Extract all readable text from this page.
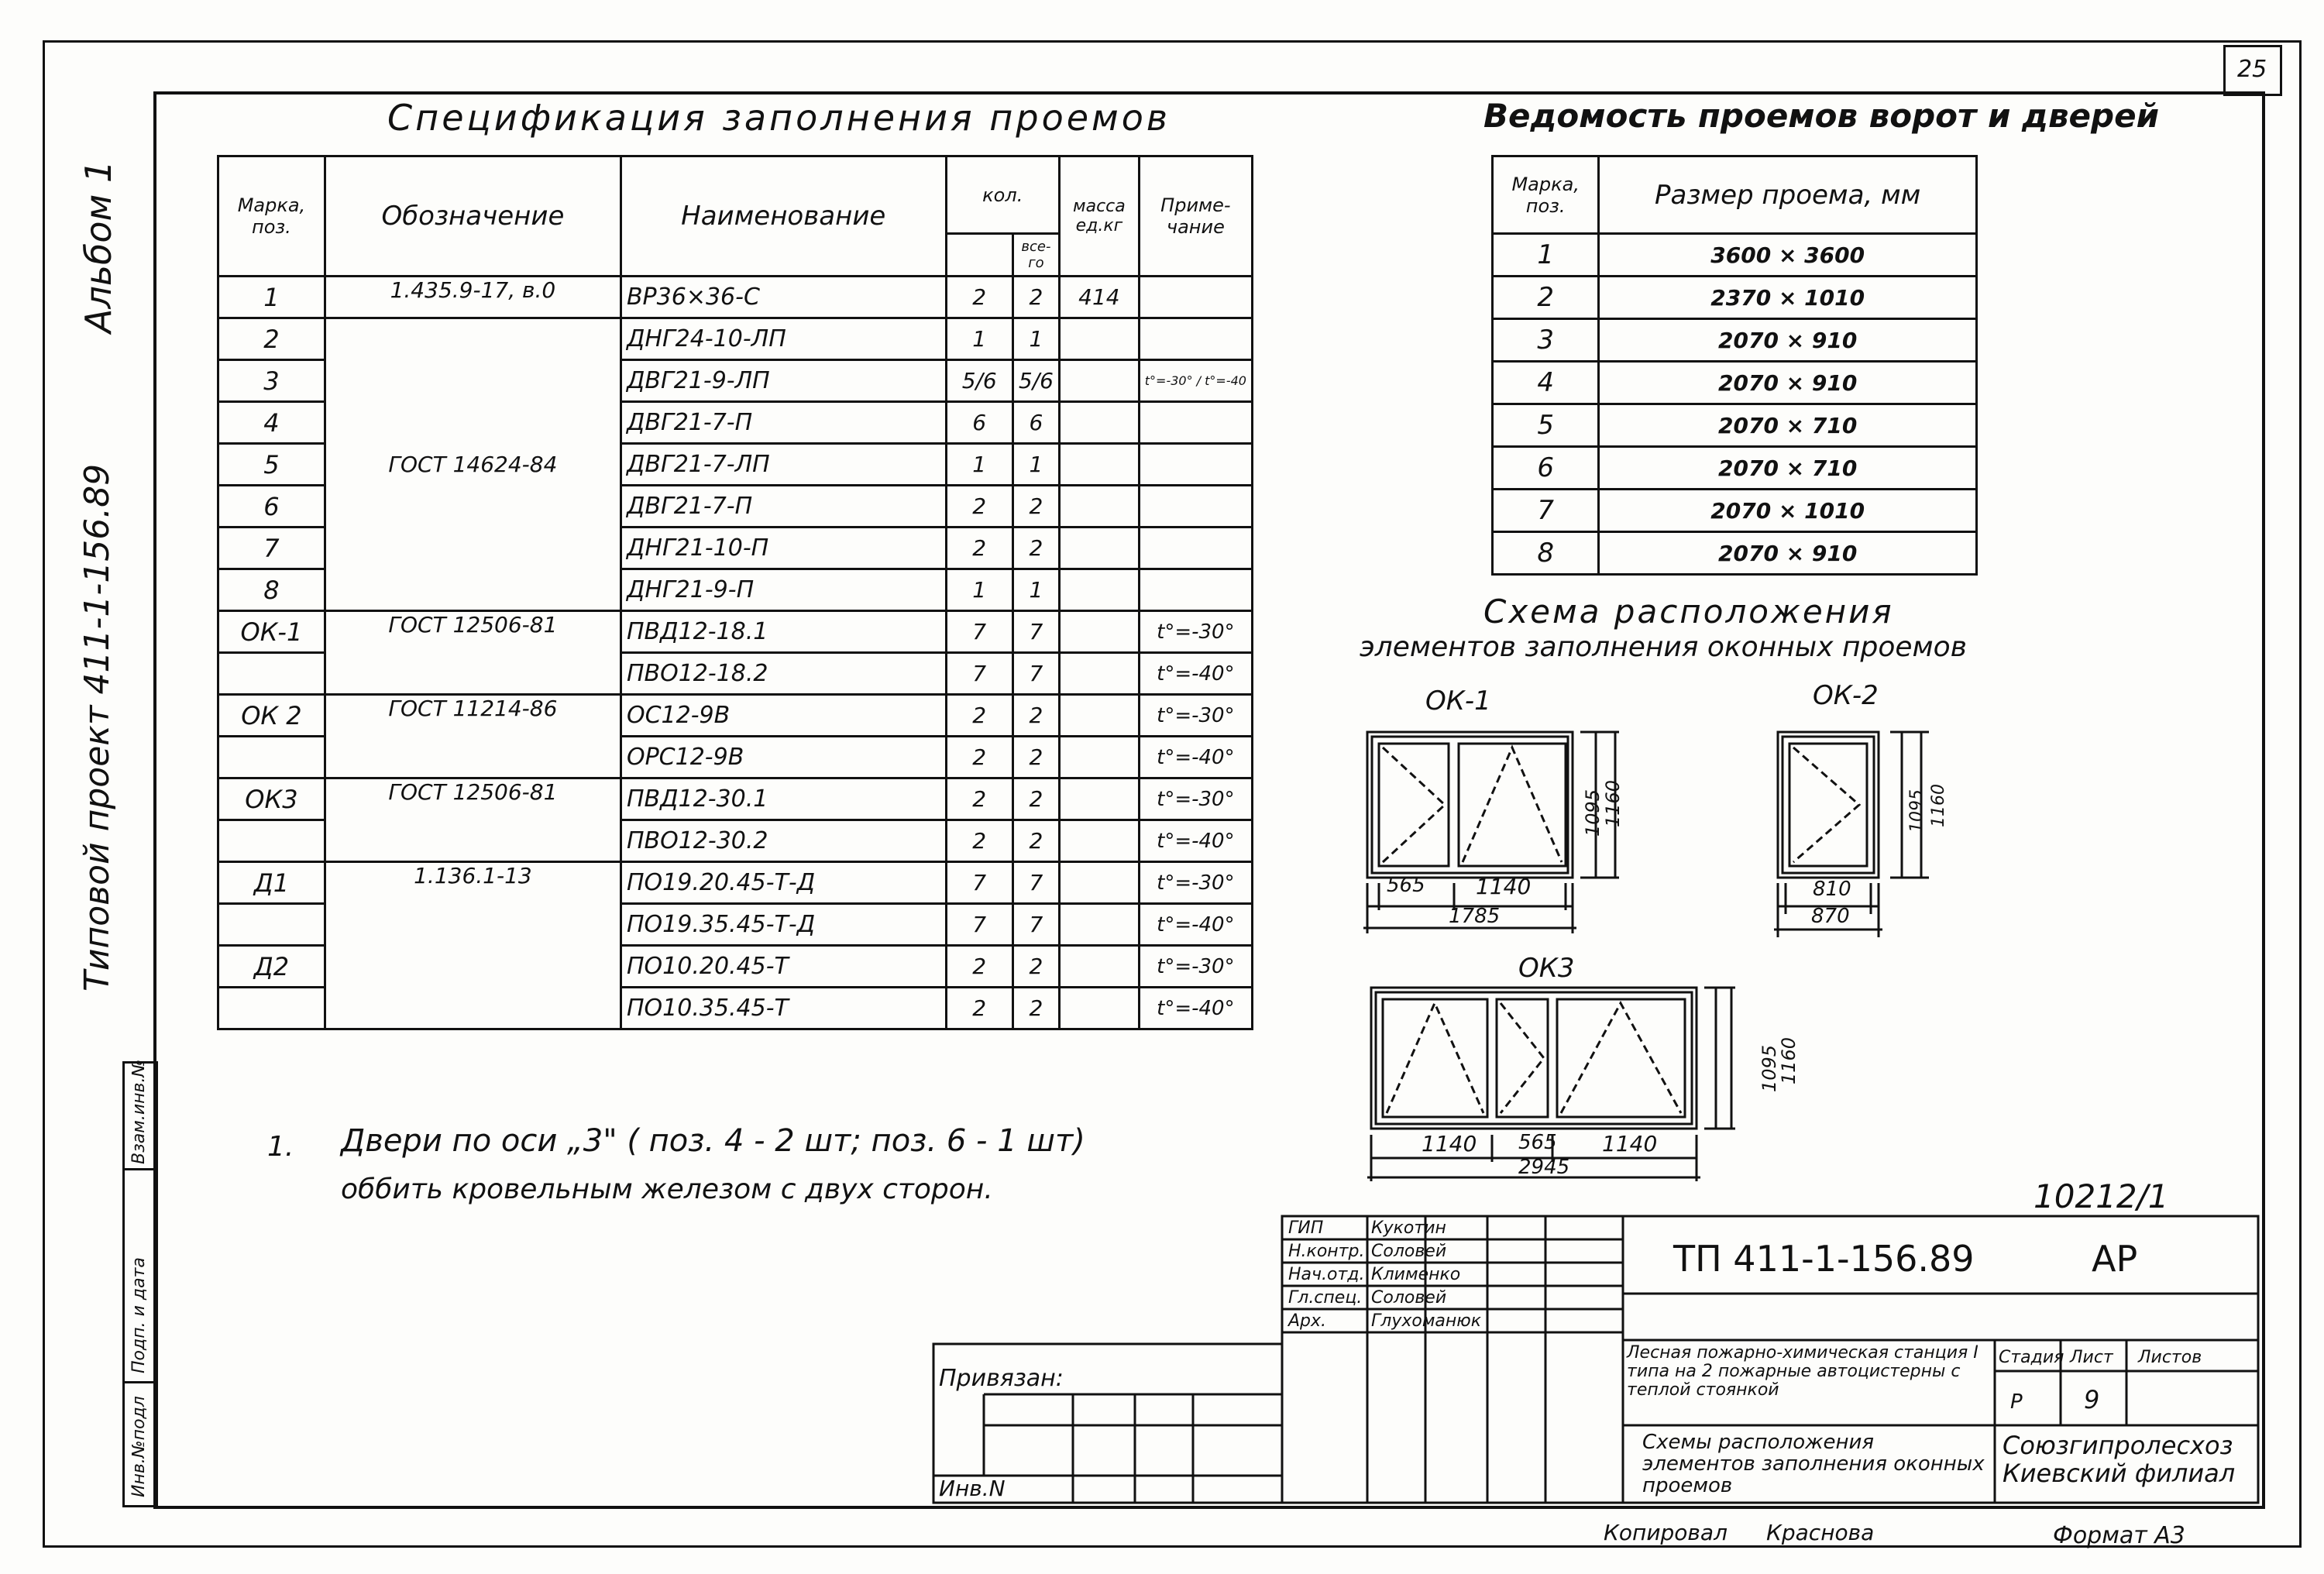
25
Альбом 1
Типовой проект 411-1-156.89
Взам.инв.№
Подп. и дата
Инв.№подл
Спецификация заполнения проемов
Марка, поз.	Обозначение	Наименование	кол.		масса ед.кг	Приме-чание
				все-го		
1	1.435.9-17, в.0	ВР36×36-С	2	2	414	
2	ГОСТ 14624-84	ДНГ24-10-ЛП	1	1		
3		ДВГ21-9-ЛП	5/6	5/6		t°=-30° / t°=-40
4		ДВГ21-7-П	6	6		
5		ДВГ21-7-ЛП	1	1		
6		ДВГ21-7-П	2	2		
7		ДНГ21-10-П	2	2		
8		ДНГ21-9-П	1	1		
ОК-1	ГОСТ 12506-81	ПВД12-18.1	7	7		t°=-30°
		ПВО12-18.2	7	7		t°=-40°
ОК 2	ГОСТ 11214-86	ОС12-9В	2	2		t°=-30°
		ОРС12-9В	2	2		t°=-40°
ОК3	ГОСТ 12506-81	ПВД12-30.1	2	2		t°=-30°
		ПВО12-30.2	2	2		t°=-40°
Д1	1.136.1-13	ПО19.20.45-Т-Д	7	7		t°=-30°
		ПО19.35.45-Т-Д	7	7		t°=-40°
Д2		ПО10.20.45-Т	2	2		t°=-30°
		ПО10.35.45-Т	2	2		t°=-40°
Ведомость проемов ворот и дверей
Марка, поз.	Размер проема, мм
1	3600 × 3600
2	2370 × 1010
3	2070 × 910
4	2070 × 910
5	2070 × 710
6	2070 × 710
7	2070 × 1010
8	2070 × 910
Схема расположения
элементов заполнения оконных проемов
ОК-1	ОК-2
ОК3
565 1140
1785
1095
1160
810
870
1095 1160
1140 565 1140
2945
1095
1160
1. Двери по оси „3" ( поз. 4 - 2 шт; поз. 6 - 1 шт)
оббить кровельным железом с двух сторон.	10212/1
Привязан:
Инв.N
ГИП	Кукотин
Н.контр. Соловей
Нач.отд. Клименко
Гл.спец. Соловей
Арх.	Глухоманюк
ТП 411-1-156.89	АР
Лесная пожарно-химическая станция I типа на 2 пожарные автоцистерны с теплой стоянкой
Схемы расположения элементов заполнения оконных проемов
Стадия Лист Листов
Р 9
Союзгипролесхоз Киевский филиал
Копировал Краснова	Формат А3
